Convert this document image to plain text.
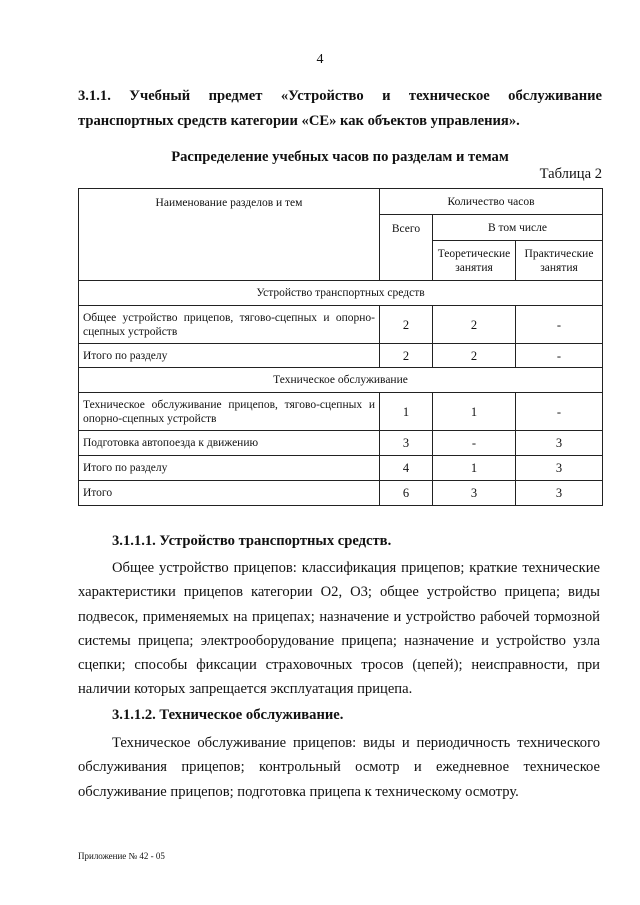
4
3.1.1. Учебный предмет «Устройство и техническое обслуживание
транспортных средств категории «СЕ» как объектов управления».
Распределение учебных часов по разделам и темам
Таблица 2
Наименование разделов и тем	Количество часов		
	Всего	В том числе	
		Теоретические занятия	Практические занятия
Устройство транспортных средств			
Общее устройство прицепов, тягово-сцепных и опорно-сцепных устройств	2	2	-
Итого по разделу	2	2	-
Техническое обслуживание			
Техническое обслуживание прицепов, тягово-сцепных и опорно-сцепных устройств	1	1	-
Подготовка автопоезда к движению	3	-	3
Итого по разделу	4	1	3
Итого	6	3	3
3.1.1.1. Устройство транспортных средств.

Общее устройство прицепов: классификация прицепов; краткие технические характеристики прицепов категории О2, О3; общее устройство прицепа; виды подвесок, применяемых на прицепах; назначение и устройство рабочей тормозной системы прицепа; электрооборудование прицепа; назначение и устройство узла сцепки; способы фиксации страховочных тросов (цепей); неисправности, при наличии которых запрещается эксплуатация прицепа.

3.1.1.2. Техническое обслуживание.

Техническое обслуживание прицепов: виды и периодичность технического обслуживания прицепов; контрольный осмотр и ежедневное техническое обслуживание прицепов; подготовка прицепа к техническому осмотру.

Приложение № 42 - 05
